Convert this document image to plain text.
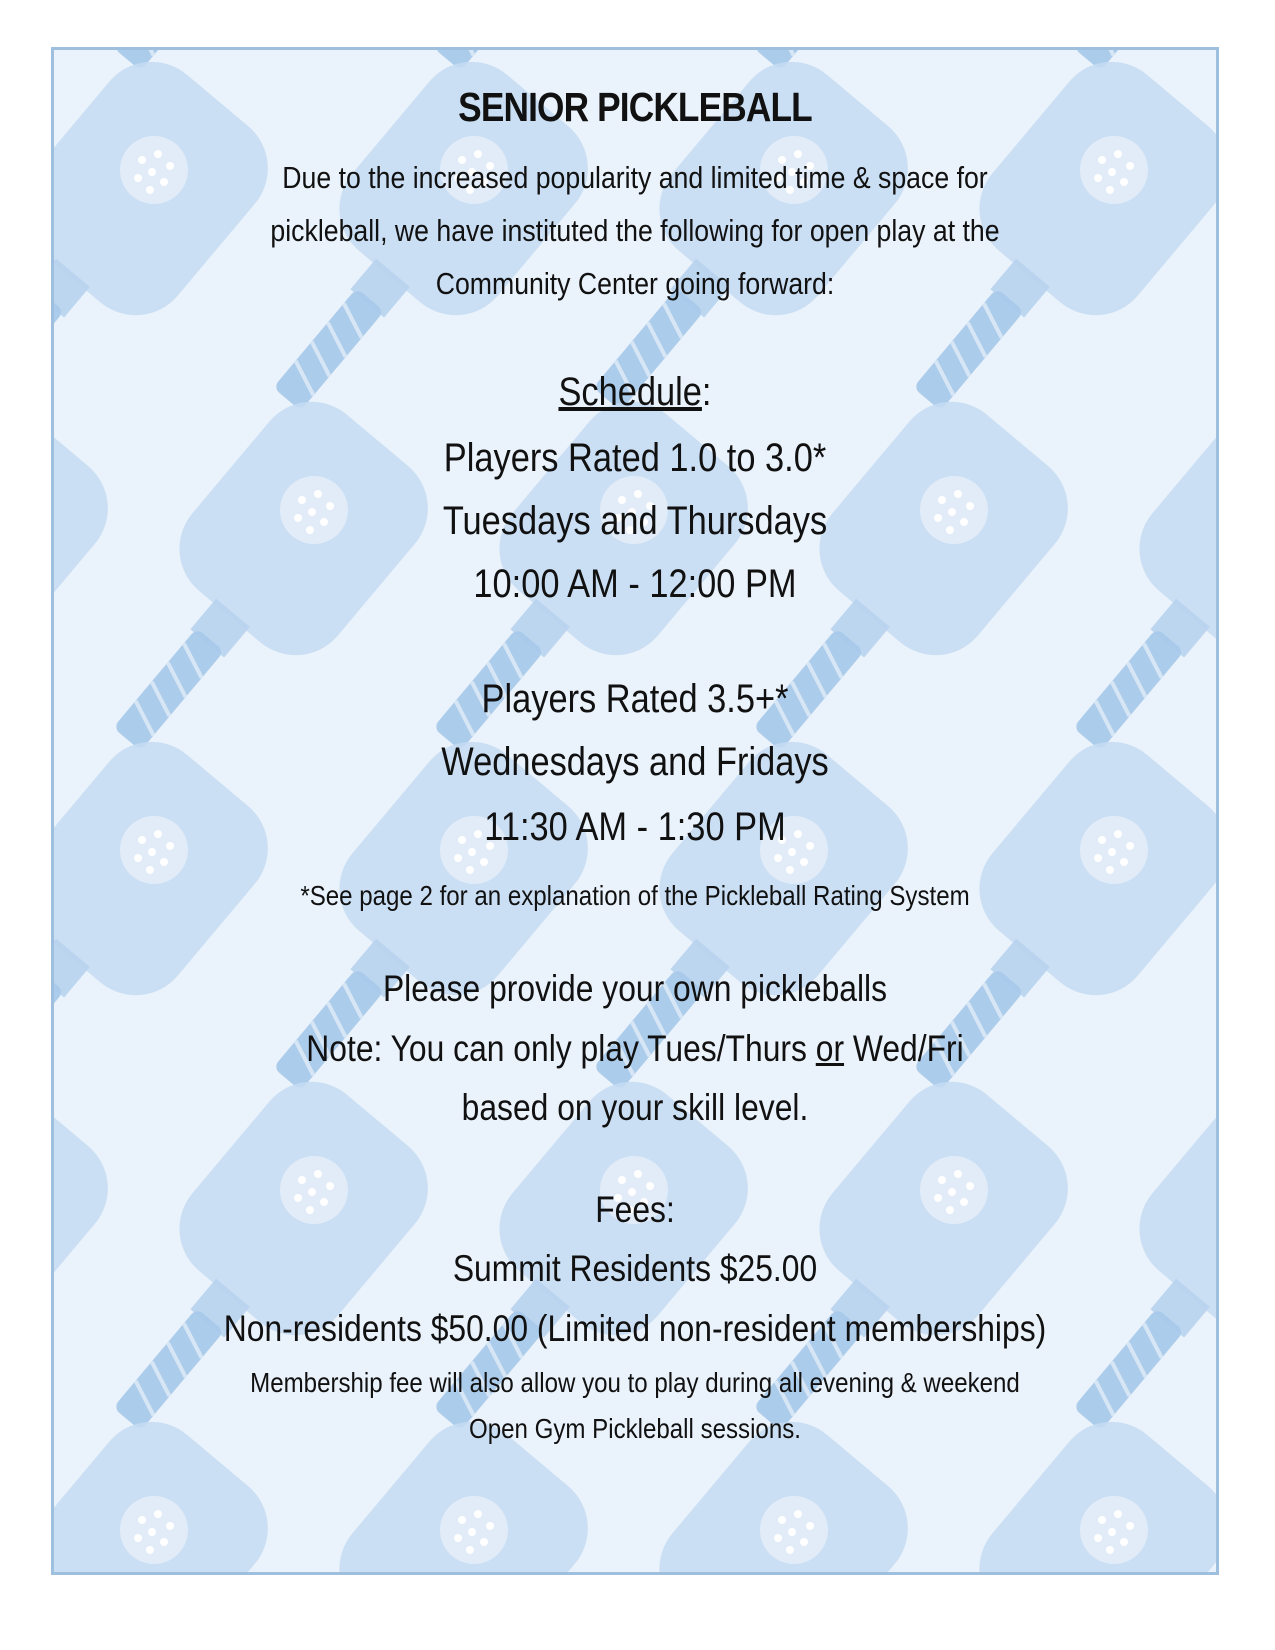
SENIOR PICKLEBALL
Due to the increased popularity and limited time & space for
pickleball, we have instituted the following for open play at the
Community Center going forward:
Schedule:
Players Rated 1.0 to 3.0*
Tuesdays and Thursdays
10:00 AM - 12:00 PM
Players Rated 3.5+*
Wednesdays and Fridays
11:30 AM - 1:30 PM
*See page 2 for an explanation of the Pickleball Rating System
Please provide your own pickleballs
Note: You can only play Tues/Thurs or Wed/Fri
based on your skill level.
Fees:
Summit Residents $25.00
Non-residents $50.00 (Limited non-resident memberships)
Membership fee will also allow you to play during all evening & weekend
Open Gym Pickleball sessions.
